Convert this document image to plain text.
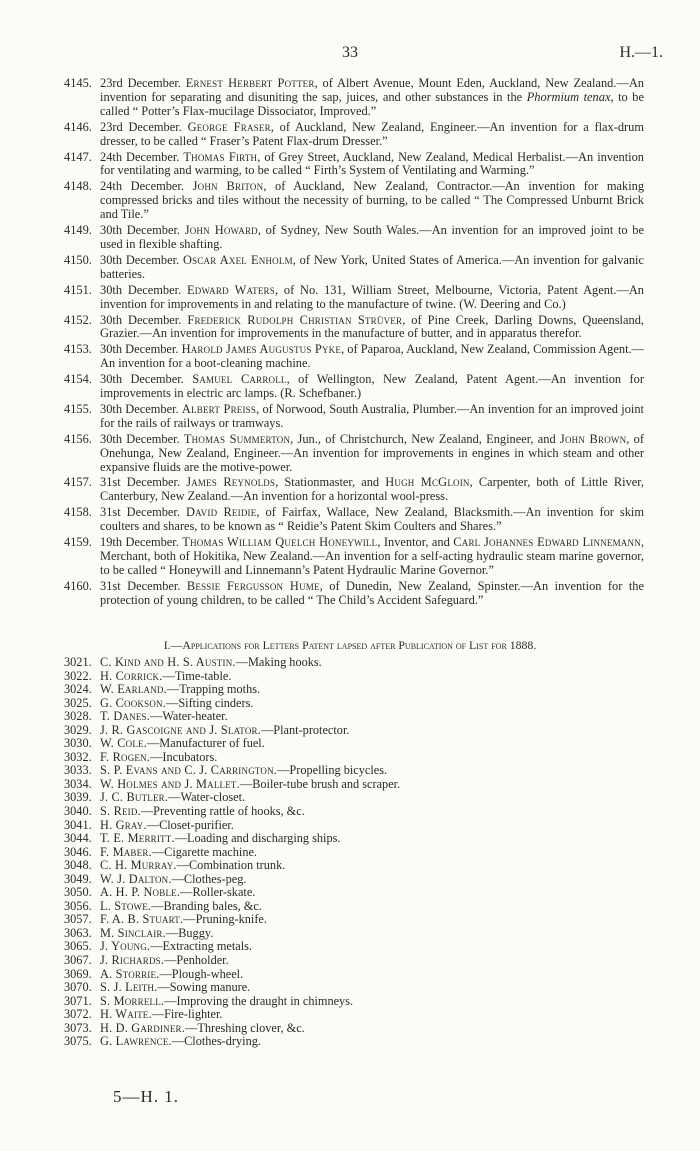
33	H.—1.
4145. 23rd December. Ernest Herbert Potter, of Albert Avenue, Mount Eden, Auckland, New Zealand.—An invention for separating and disuniting the sap, juices, and other substances in the Phormium tenax, to be called “ Potter’s Flax-mucilage Dissociator, Improved.”
4146. 23rd December. George Fraser, of Auckland, New Zealand, Engineer.—An invention for a flax-drum dresser, to be called “ Fraser’s Patent Flax-drum Dresser.”
4147. 24th December. Thomas Firth, of Grey Street, Auckland, New Zealand, Medical Herbalist.—An invention for ventilating and warming, to be called “ Firth’s System of Ventilating and Warming.”
4148. 24th December. John Briton, of Auckland, New Zealand, Contractor.—An invention for making compressed bricks and tiles without the necessity of burning, to be called “ The Compressed Unburnt Brick and Tile.”
4149. 30th December. John Howard, of Sydney, New South Wales.—An invention for an improved joint to be used in flexible shafting.
4150. 30th December. Oscar Axel Enholm, of New York, United States of America.—An invention for galvanic batteries.
4151. 30th December. Edward Waters, of No. 131, William Street, Melbourne, Victoria, Patent Agent.—An invention for improvements in and relating to the manufacture of twine. (W. Deering and Co.)
4152. 30th December. Frederick Rudolph Christian Strüver, of Pine Creek, Darling Downs, Queensland, Grazier.—An invention for improvements in the manufacture of butter, and in apparatus therefor.
4153. 30th December. Harold James Augustus Pyke, of Paparoa, Auckland, New Zealand, Commission Agent.—An invention for a boot-cleaning machine.
4154. 30th December. Samuel Carroll, of Wellington, New Zealand, Patent Agent.—An invention for improvements in electric arc lamps. (R. Schefbaner.)
4155. 30th December. Albert Preiss, of Norwood, South Australia, Plumber.—An invention for an improved joint for the rails of railways or tramways.
4156. 30th December. Thomas Summerton, Jun., of Christchurch, New Zealand, Engineer, and John Brown, of Onehunga, New Zealand, Engineer.—An invention for improvements in engines in which steam and other expansive fluids are the motive-power.
4157. 31st December. James Reynolds, Stationmaster, and Hugh McGloin, Carpenter, both of Little River, Canterbury, New Zealand.—An invention for a horizontal wool-press.
4158. 31st December. David Reidie, of Fairfax, Wallace, New Zealand, Blacksmith.—An invention for skim coulters and shares, to be known as “ Reidie’s Patent Skim Coulters and Shares.”
4159. 19th December. Thomas William Quelch Honeywill, Inventor, and Carl Johannes Edward Linnemann, Merchant, both of Hokitika, New Zealand.—An invention for a self-acting hydraulic steam marine governor, to be called “ Honeywill and Linnemann’s Patent Hydraulic Marine Governor.”
4160. 31st December. Bessie Fergusson Hume, of Dunedin, New Zealand, Spinster.—An invention for the protection of young children, to be called “ The Child’s Accident Safeguard.”
I.—Applications for Letters Patent lapsed after Publication of List for 1888.
3021. C. Kind and H. S. Austin.—Making hooks.
3022. H. Corrick.—Time-table.
3024. W. Earland.—Trapping moths.
3025. G. Cookson.—Sifting cinders.
3028. T. Danes.—Water-heater.
3029. J. R. Gascoigne and J. Slator.—Plant-protector.
3030. W. Cole.—Manufacturer of fuel.
3032. F. Rogen.—Incubators.
3033. S. P. Evans and C. J. Carrington.—Propelling bicycles.
3034. W. Holmes and J. Mallet.—Boiler-tube brush and scraper.
3039. J. C. Butler.—Water-closet.
3040. S. Reid.—Preventing rattle of hooks, &c.
3041. H. Gray.—Closet-purifier.
3044. T. E. Merritt.—Loading and discharging ships.
3046. F. Maber.—Cigarette machine.
3048. C. H. Murray.—Combination trunk.
3049. W. J. Dalton.—Clothes-peg.
3050. A. H. P. Noble.—Roller-skate.
3056. L. Stowe.—Branding bales, &c.
3057. F. A. B. Stuart.—Pruning-knife.
3063. M. Sinclair.—Buggy.
3065. J. Young.—Extracting metals.
3067. J. Richards.—Penholder.
3069. A. Storrie.—Plough-wheel.
3070. S. J. Leith.—Sowing manure.
3071. S. Morrell.—Improving the draught in chimneys.
3072. H. Waite.—Fire-lighter.
3073. H. D. Gardiner.—Threshing clover, &c.
3075. G. Lawrence.—Clothes-drying.
5—H. 1.
